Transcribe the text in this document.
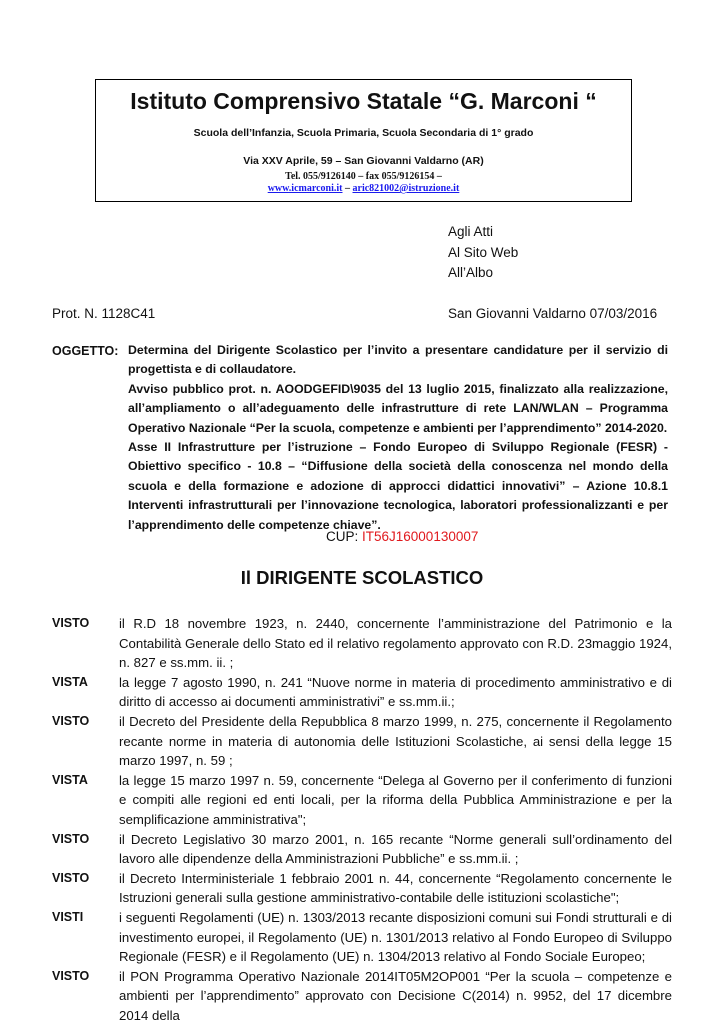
Istituto Comprensivo Statale “G. Marconi “
Scuola dell’Infanzia, Scuola Primaria, Scuola Secondaria di 1° grado
Via XXV Aprile, 59 – San Giovanni Valdarno (AR)
Tel. 055/9126140 – fax 055/9126154 –
www.icmarconi.it – aric821002@istruzione.it
Agli Atti
Al Sito Web
All’Albo
Prot. N. 1128C41	San Giovanni Valdarno 07/03/2016
OGGETTO: Determina del Dirigente Scolastico per l’invito a presentare candidature per il servizio di progettista e di collaudatore.

Avviso pubblico prot. n. AOODGEFID\9035 del 13 luglio 2015, finalizzato alla realizzazione, all’ampliamento o all’adeguamento delle infrastrutture di rete LAN/WLAN – Programma Operativo Nazionale “Per la scuola, competenze e ambienti per l’apprendimento” 2014-2020.

Asse II Infrastrutture per l’istruzione – Fondo Europeo di Sviluppo Regionale (FESR) - Obiettivo specifico - 10.8 – “Diffusione della società della conoscenza nel mondo della scuola e della formazione e adozione di approcci didattici innovativi” – Azione 10.8.1 Interventi infrastrutturali per l’innovazione tecnologica, laboratori professionalizzanti e per l’apprendimento delle competenze chiave”.

CUP: IT56J16000130007
Il DIRIGENTE SCOLASTICO
VISTO	il R.D 18 novembre 1923, n. 2440, concernente l’amministrazione del Patrimonio e la Contabilità Generale dello Stato ed il relativo regolamento approvato con R.D. 23maggio 1924, n. 827 e ss.mm. ii. ;
VISTA	la legge 7 agosto 1990, n. 241 “Nuove norme in materia di procedimento amministrativo e di diritto di accesso ai documenti amministrativi” e ss.mm.ii.;
VISTO	il Decreto del Presidente della Repubblica 8 marzo 1999, n. 275, concernente il Regolamento recante norme in materia di autonomia delle Istituzioni Scolastiche, ai sensi della legge 15 marzo 1997, n. 59 ;
VISTA	la legge 15 marzo 1997 n. 59, concernente “Delega al Governo per il conferimento di funzioni e compiti alle regioni ed enti locali, per la riforma della Pubblica Amministrazione e per la semplificazione amministrativa";
VISTO	il Decreto Legislativo 30 marzo 2001, n. 165 recante “Norme generali sull’ordinamento del lavoro alle dipendenze della Amministrazioni Pubbliche” e ss.mm.ii. ;
VISTO	il Decreto Interministeriale 1 febbraio 2001 n. 44, concernente “Regolamento concernente le Istruzioni generali sulla gestione amministrativo-contabile delle istituzioni scolastiche";
VISTI	i seguenti Regolamenti (UE) n. 1303/2013 recante disposizioni comuni sui Fondi strutturali e di investimento europei, il Regolamento (UE) n. 1301/2013 relativo al Fondo Europeo di Sviluppo Regionale (FESR) e il Regolamento (UE) n. 1304/2013 relativo al Fondo Sociale Europeo;
VISTO	il PON Programma Operativo Nazionale 2014IT05M2OP001 “Per la scuola – competenze e ambienti per l’apprendimento” approvato con Decisione C(2014) n. 9952, del 17 dicembre 2014 della
